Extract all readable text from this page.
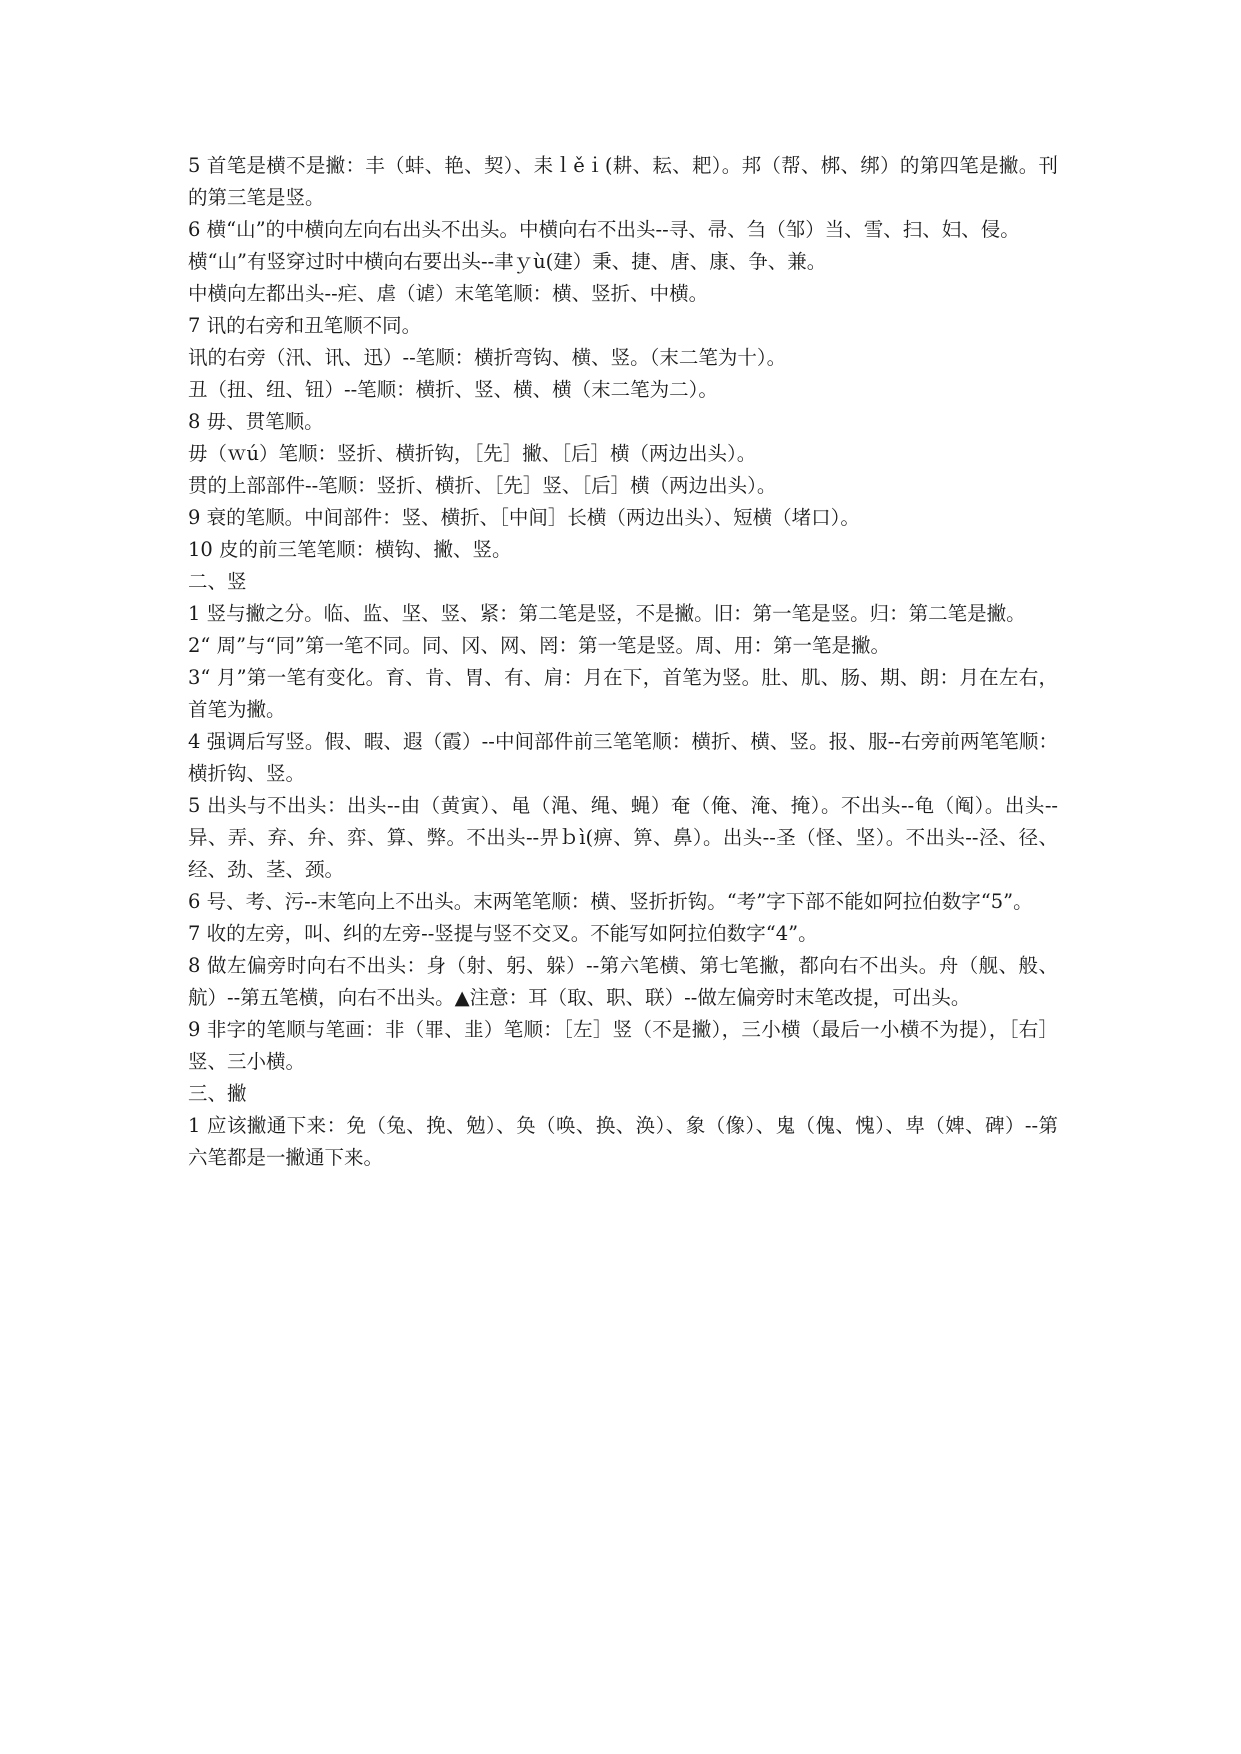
5 首笔是横不是撇：丰（蚌、艳、契）、耒ｌěｉ(耕、耘、耙）。邦（帮、梆、绑）的第四笔是撇。刊的第三笔是竖。

6 横“山”的中横向左向右出头不出头。中横向右不出头--寻、帚、刍（邹）当、雪、扫、妇、侵。

横“山”有竖穿过时中横向右要出头--聿ｙù(建）秉、捷、唐、康、争、兼。

中横向左都出头--疟、虐（谑）末笔笔顺：横、竖折、中横。

7 讯的右旁和丑笔顺不同。

讯的右旁（汛、讯、迅）--笔顺：横折弯钩、横、竖。（末二笔为十）。

丑（扭、纽、钮）--笔顺：横折、竖、横、横（末二笔为二）。

8 毋、贯笔顺。

毋（ｗú）笔顺：竖折、横折钩，［先］撇、［后］横（两边出头）。

贯的上部部件--笔顺：竖折、横折、［先］竖、［后］横（两边出头）。

9 衰的笔顺。中间部件：竖、横折、［中间］长横（两边出头）、短横（堵口）。

10 皮的前三笔笔顺：横钩、撇、竖。

二、竖

1 竖与撇之分。临、监、坚、竖、紧：第二笔是竖，不是撇。旧：第一笔是竖。归：第二笔是撇。

2“ 周”与“同”第一笔不同。同、冈、网、罔：第一笔是竖。周、用：第一笔是撇。

3“ 月”第一笔有变化。育、肯、胃、有、肩：月在下，首笔为竖。肚、肌、肠、期、朗：月在左右，首笔为撇。

4 强调后写竖。假、暇、遐（霞）--中间部件前三笔笔顺：横折、横、竖。报、服--右旁前两笔笔顺：横折钩、竖。

5 出头与不出头：出头--由（黄寅）、黾（渑、绳、蝇）奄（俺、淹、掩）。不出头--龟（阄）。出头--异、弄、弃、弁、弈、算、弊。不出头--畀ｂì(痹、箅、鼻）。出头--圣（怪、坚）。不出头--泾、径、经、劲、茎、颈。

6 号、考、污--末笔向上不出头。末两笔笔顺：横、竖折折钩。“考”字下部不能如阿拉伯数字“5”。

7 收的左旁，叫、纠的左旁--竖提与竖不交叉。不能写如阿拉伯数字“4”。

8 做左偏旁时向右不出头：身（射、躬、躲）--第六笔横、第七笔撇，都向右不出头。舟（舰、般、航）--第五笔横，向右不出头。▲注意：耳（取、职、联）--做左偏旁时末笔改提，可出头。

9 非字的笔顺与笔画：非（罪、韭）笔顺：［左］竖（不是撇），三小横（最后一小横不为提），［右］竖、三小横。

三、撇

1 应该撇通下来：免（兔、挽、勉）、奂（唤、换、涣）、象（像）、鬼（傀、愧）、卑（婢、碑）--第六笔都是一撇通下来。
